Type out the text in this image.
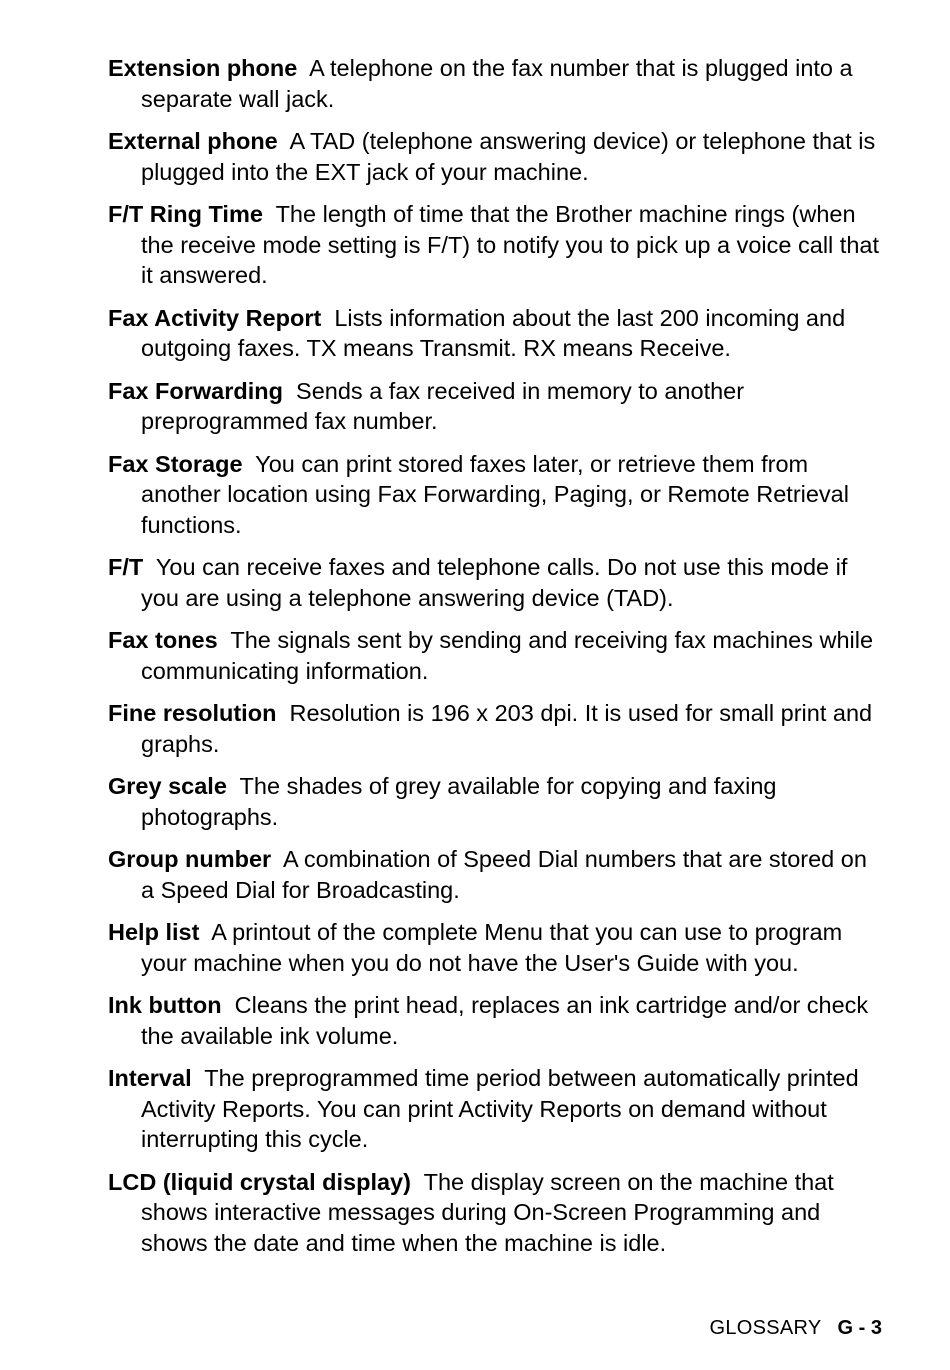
Extension phone A telephone on the fax number that is plugged into a separate wall jack.

External phone A TAD (telephone answering device) or telephone that is plugged into the EXT jack of your machine.

F/T Ring Time The length of time that the Brother machine rings (when the receive mode setting is F/T) to notify you to pick up a voice call that it answered.

Fax Activity Report Lists information about the last 200 incoming and outgoing faxes. TX means Transmit. RX means Receive.

Fax Forwarding Sends a fax received in memory to another preprogrammed fax number.

Fax Storage You can print stored faxes later, or retrieve them from another location using Fax Forwarding, Paging, or Remote Retrieval functions.

F/T You can receive faxes and telephone calls. Do not use this mode if you are using a telephone answering device (TAD).

Fax tones The signals sent by sending and receiving fax machines while communicating information.

Fine resolution Resolution is 196 x 203 dpi. It is used for small print and graphs.

Grey scale The shades of grey available for copying and faxing photographs.

Group number A combination of Speed Dial numbers that are stored on a Speed Dial for Broadcasting.

Help list A printout of the complete Menu that you can use to program your machine when you do not have the User's Guide with you.

Ink button Cleans the print head, replaces an ink cartridge and/or check the available ink volume.

Interval The preprogrammed time period between automatically printed Activity Reports. You can print Activity Reports on demand without interrupting this cycle.

LCD (liquid crystal display) The display screen on the machine that shows interactive messages during On-Screen Programming and shows the date and time when the machine is idle.

GLOSSARY G - 3
